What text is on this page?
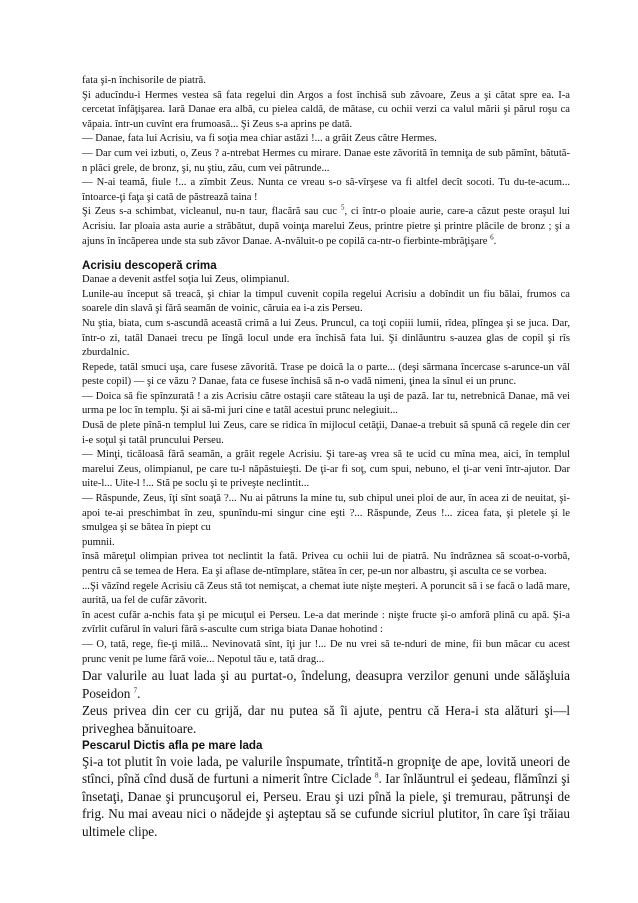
fata şi-n închisorile de piatră.

Şi aducîndu-i Hermes vestea să fata regelui din Argos a fost închisă sub zăvoare, Zeus a şi cătat spre ea. I-a cercetat înfăţişarea. Iară Danae era albă, cu pielea caldă, de mătase, cu ochii verzi ca valul mării şi părul roşu ca văpaia. într-un cuvînt era frumoasă... Şi Zeus s-a aprins pe dată.

— Danae, fata lui Acrisiu, va fi soţia mea chiar astăzi !... a grăit Zeus către Hermes.

— Dar cum vei izbuti, o, Zeus ? a-ntrebat Hermes cu mirare. Danae este zăvorită în temniţa de sub pămînt, bătută-n plăci grele, de bronz, şi, nu ştiu, zău, cum vei pătrunde...

— N-ai teamă, fiule !... a zîmbit Zeus. Nunta ce vreau s-o să-vîrşese va fi altfel decît socoti. Tu du-te-acum... întoarce-ţi faţa şi cată de păstrează taina !

Şi Zeus s-a schimbat, vicleanul, nu-n taur, flacără sau cuc $^5$, ci într-o ploaie aurie, care-a căzut peste oraşul lui Acrisiu. Iar ploaia asta aurie a străbătut, după voinţa marelui Zeus, printre pietre şi printre plăcile de bronz ; şi a ajuns în încăperea unde sta sub zăvor Danae. A-nvăluit-o pe copilă ca-ntr-o fierbinte-mbrăţişare $^6$.

Acrisiu descoperă crima

Danae a devenit astfel soţia lui Zeus, olimpianul.

Lunile-au început să treacă, şi chiar la timpul cuvenit copila regelui Acrisiu a dobîndit un fiu bălai, frumos ca soarele din slavă şi fără seamăn de voinic, căruia ea i-a zis Perseu.

Nu ştia, biata, cum s-ascundă această crimă a lui Zeus. Pruncul, ca toţi copiii lumii, rîdea, plîngea şi se juca. Dar, într-o zi, tatăl Danaei trecu pe lîngă locul unde era închisă fata lui. Şi dinlăuntru s-auzea glas de copil şi rîs zburdalnic.

Repede, tatăl smuci uşa, care fusese zăvorită. Trase pe doică la o parte... (deşi sărmana încercase s-arunce-un văl peste copil) — şi ce văzu ? Danae, fata ce fusese închisă să n-o vadă nimeni, ţinea la sînul ei un prunc.

— Doica să fie spînzurată ! a zis Acrisiu către ostaşii care stăteau la uşi de pază. Iar tu, netrebnică Danae, mă vei urma pe loc în templu. Şi ai să-mi juri cine e tatăl acestui prunc nelegiuit...

Dusă de plete pînă-n templul lui Zeus, care se ridica în mijlocul cetăţii, Danae-a trebuit să spună că regele din cer i-e soţul şi tatăl pruncului Perseu.

— Minţi, ticăloasă fără seamăn, a grăit regele Acrisiu. Şi tare-aş vrea să te ucid cu mîna mea, aici, în templul marelui Zeus, olimpianul, pe care tu-l năpăstuieşti. De ţi-ar fi soţ, cum spui, nebuno, el ţi-ar veni într-ajutor. Dar uite-l... Uite-l !... Stă pe soclu şi te priveşte neclintit...

— Răspunde, Zeus, îţi sînt soaţă ?... Nu ai pătruns la mine tu, sub chipul unei ploi de aur, în acea zi de neuitat, şi-apoi te-ai preschimbat în zeu, spunîndu-mi singur cine eşti ?... Răspunde, Zeus !... zicea fata, şi pletele şi le smulgea şi se bătea în piept cu

pumnii.

însă măreţul olimpian privea tot neclintit la fată. Privea cu ochii lui de piatră. Nu îndrăznea să scoat-o-vorbă, pentru că se temea de Hera. Ea şi aflase de-ntîmplare, stătea în cer, pe-un nor albastru, şi asculta ce se vorbea.

...Şi văzînd regele Acrisiu că Zeus stă tot nemişcat, a chemat iute nişte meşteri. A poruncit să i se facă o ladă mare, aurită, ua fel de cufăr zăvorit.

în acest cufăr a-nchis fata şi pe micuţul ei Perseu. Le-a dat merinde : nişte fructe şi-o amforă plină cu apă. Şi-a zvîrlit cufărul în valuri fără s-asculte cum striga biata Danae hohotind :

— O, tată, rege, fie-ţi milă... Nevinovată sînt, îţi jur !... De nu vrei să te-nduri de mine, fii bun măcar cu acest prunc venit pe lume fără voie... Nepotul tău e, tată drag...

Dar valurile au luat lada şi au purtat-o, îndelung, deasupra verzilor genuni unde sălăşluia Poseidon $^7$.

Zeus privea din cer cu grijă, dar nu putea să îi ajute, pentru că Hera-i sta alături şi—l priveghea bănuitoare.

Pescarul Dictis afla pe mare lada

Şi-a tot plutit în voie lada, pe valurile înspumate, trîntită-n gropniţe de ape, lovită uneori de stînci, pînă cînd dusă de furtuni a nimerit între Ciclade $^8$. Iar înlăuntrul ei şedeau, flămînzi şi însetaţi, Danae şi pruncuşorul ei, Perseu. Erau şi uzi pînă la piele, şi tremurau, pătrunşi de frig. Nu mai aveau nici o nădejde şi aşteptau să se cufunde sicriul plutitor, în care îşi trăiau ultimele clipe.
